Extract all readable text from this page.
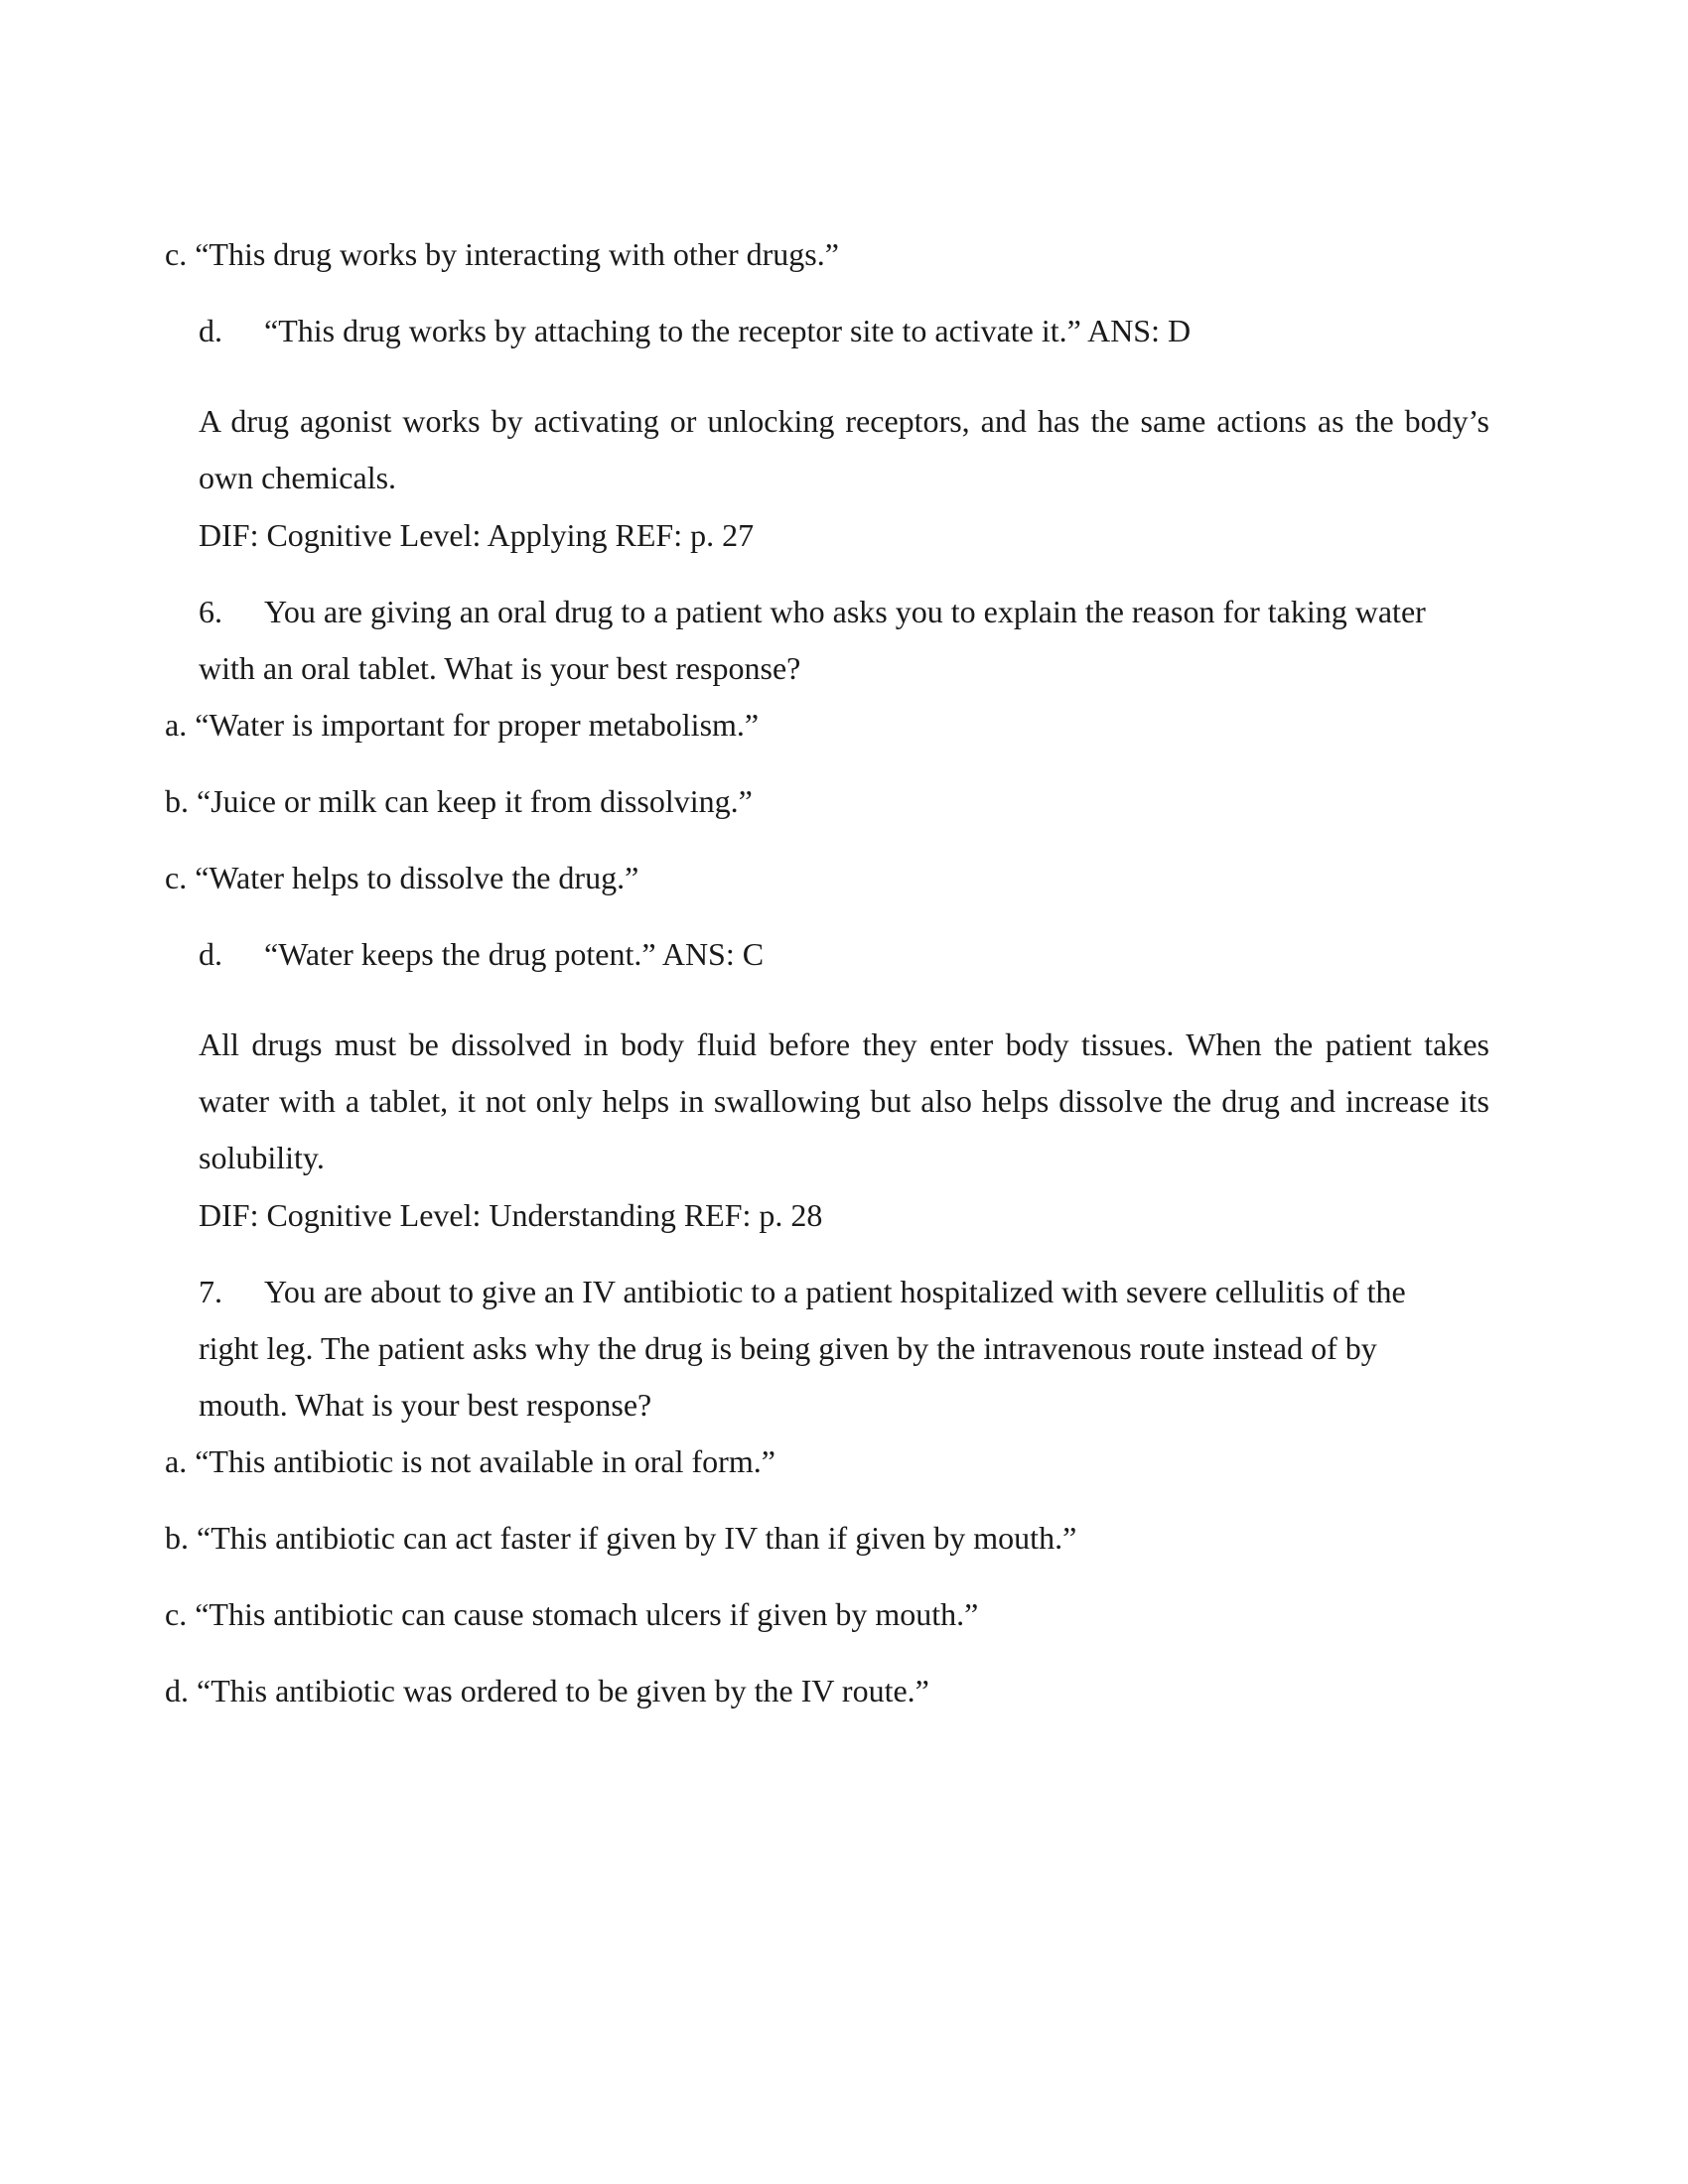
c. “This drug works by interacting with other drugs.”

d. “This drug works by attaching to the receptor site to activate it.” ANS: D

A drug agonist works by activating or unlocking receptors, and has the same actions as the body’s own chemicals.

DIF: Cognitive Level: Applying REF: p. 27

6. You are giving an oral drug to a patient who asks you to explain the reason for taking water

with an oral tablet. What is your best response?

a. “Water is important for proper metabolism.”

b. “Juice or milk can keep it from dissolving.”

c. “Water helps to dissolve the drug.”

d. “Water keeps the drug potent.” ANS: C

All drugs must be dissolved in body fluid before they enter body tissues. When the patient takes water with a tablet, it not only helps in swallowing but also helps dissolve the drug and increase its solubility.

DIF: Cognitive Level: Understanding REF: p. 28

7. You are about to give an IV antibiotic to a patient hospitalized with severe cellulitis of the

right leg. The patient asks why the drug is being given by the intravenous route instead of by

mouth. What is your best response?

a. “This antibiotic is not available in oral form.”

b. “This antibiotic can act faster if given by IV than if given by mouth.”

c. “This antibiotic can cause stomach ulcers if given by mouth.”

d. “This antibiotic was ordered to be given by the IV route.”
